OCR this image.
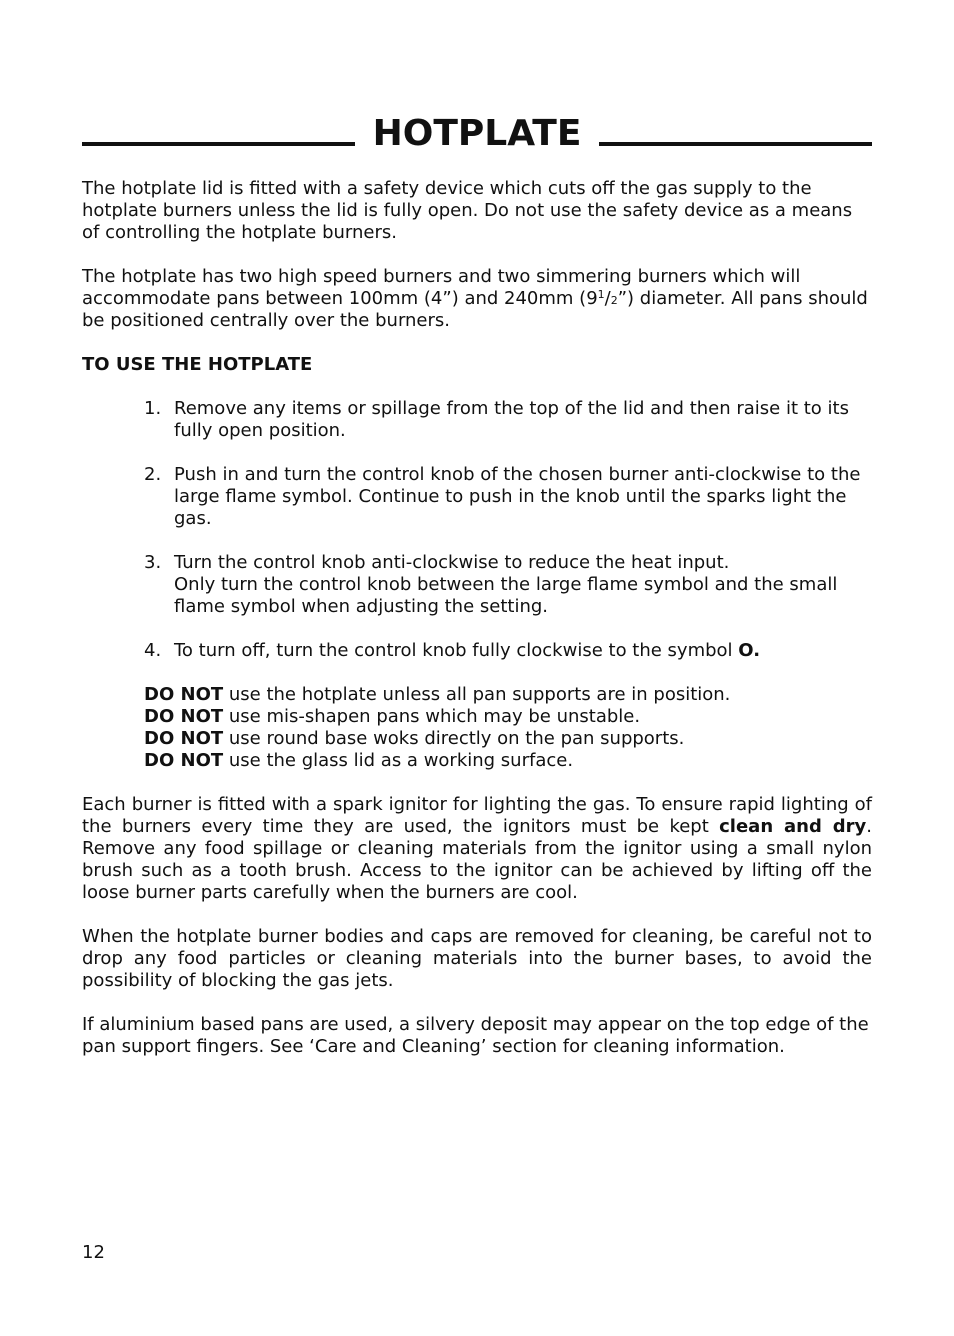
HOTPLATE

The hotplate lid is fitted with a safety device which cuts off the gas supply to the hotplate burners unless the lid is fully open. Do not use the safety device as a means of controlling the hotplate burners.

The hotplate has two high speed burners and two simmering burners which will accommodate pans between 100mm (4”) and 240mm $(9^1/2”)$ diameter. All pans should be positioned centrally over the burners.

TO USE THE HOTPLATE
1. Remove any items or spillage from the top of the lid and then raise it to its fully open position.
2. Push in and turn the control knob of the chosen burner anti-clockwise to the large flame symbol. Continue to push in the knob until the sparks light the gas.
3. Turn the control knob anti-clockwise to reduce the heat input.
Only turn the control knob between the large flame symbol and the small flame symbol when adjusting the setting.
4. To turn off, turn the control knob fully clockwise to the symbol O.
DO NOT use the hotplate unless all pan supports are in position.
DO NOT use mis-shapen pans which may be unstable.
DO NOT use round base woks directly on the pan supports.
DO NOT use the glass lid as a working surface.

Each burner is fitted with a spark ignitor for lighting the gas. To ensure rapid lighting of the burners every time they are used, the ignitors must be kept clean and dry. Remove any food spillage or cleaning materials from the ignitor using a small nylon brush such as a tooth brush. Access to the ignitor can be achieved by lifting off the loose burner parts carefully when the burners are cool.

When the hotplate burner bodies and caps are removed for cleaning, be careful not to drop any food particles or cleaning materials into the burner bases, to avoid the possibility of blocking the gas jets.

If aluminium based pans are used, a silvery deposit may appear on the top edge of the pan support fingers. See ‘Care and Cleaning’ section for cleaning information.

12
